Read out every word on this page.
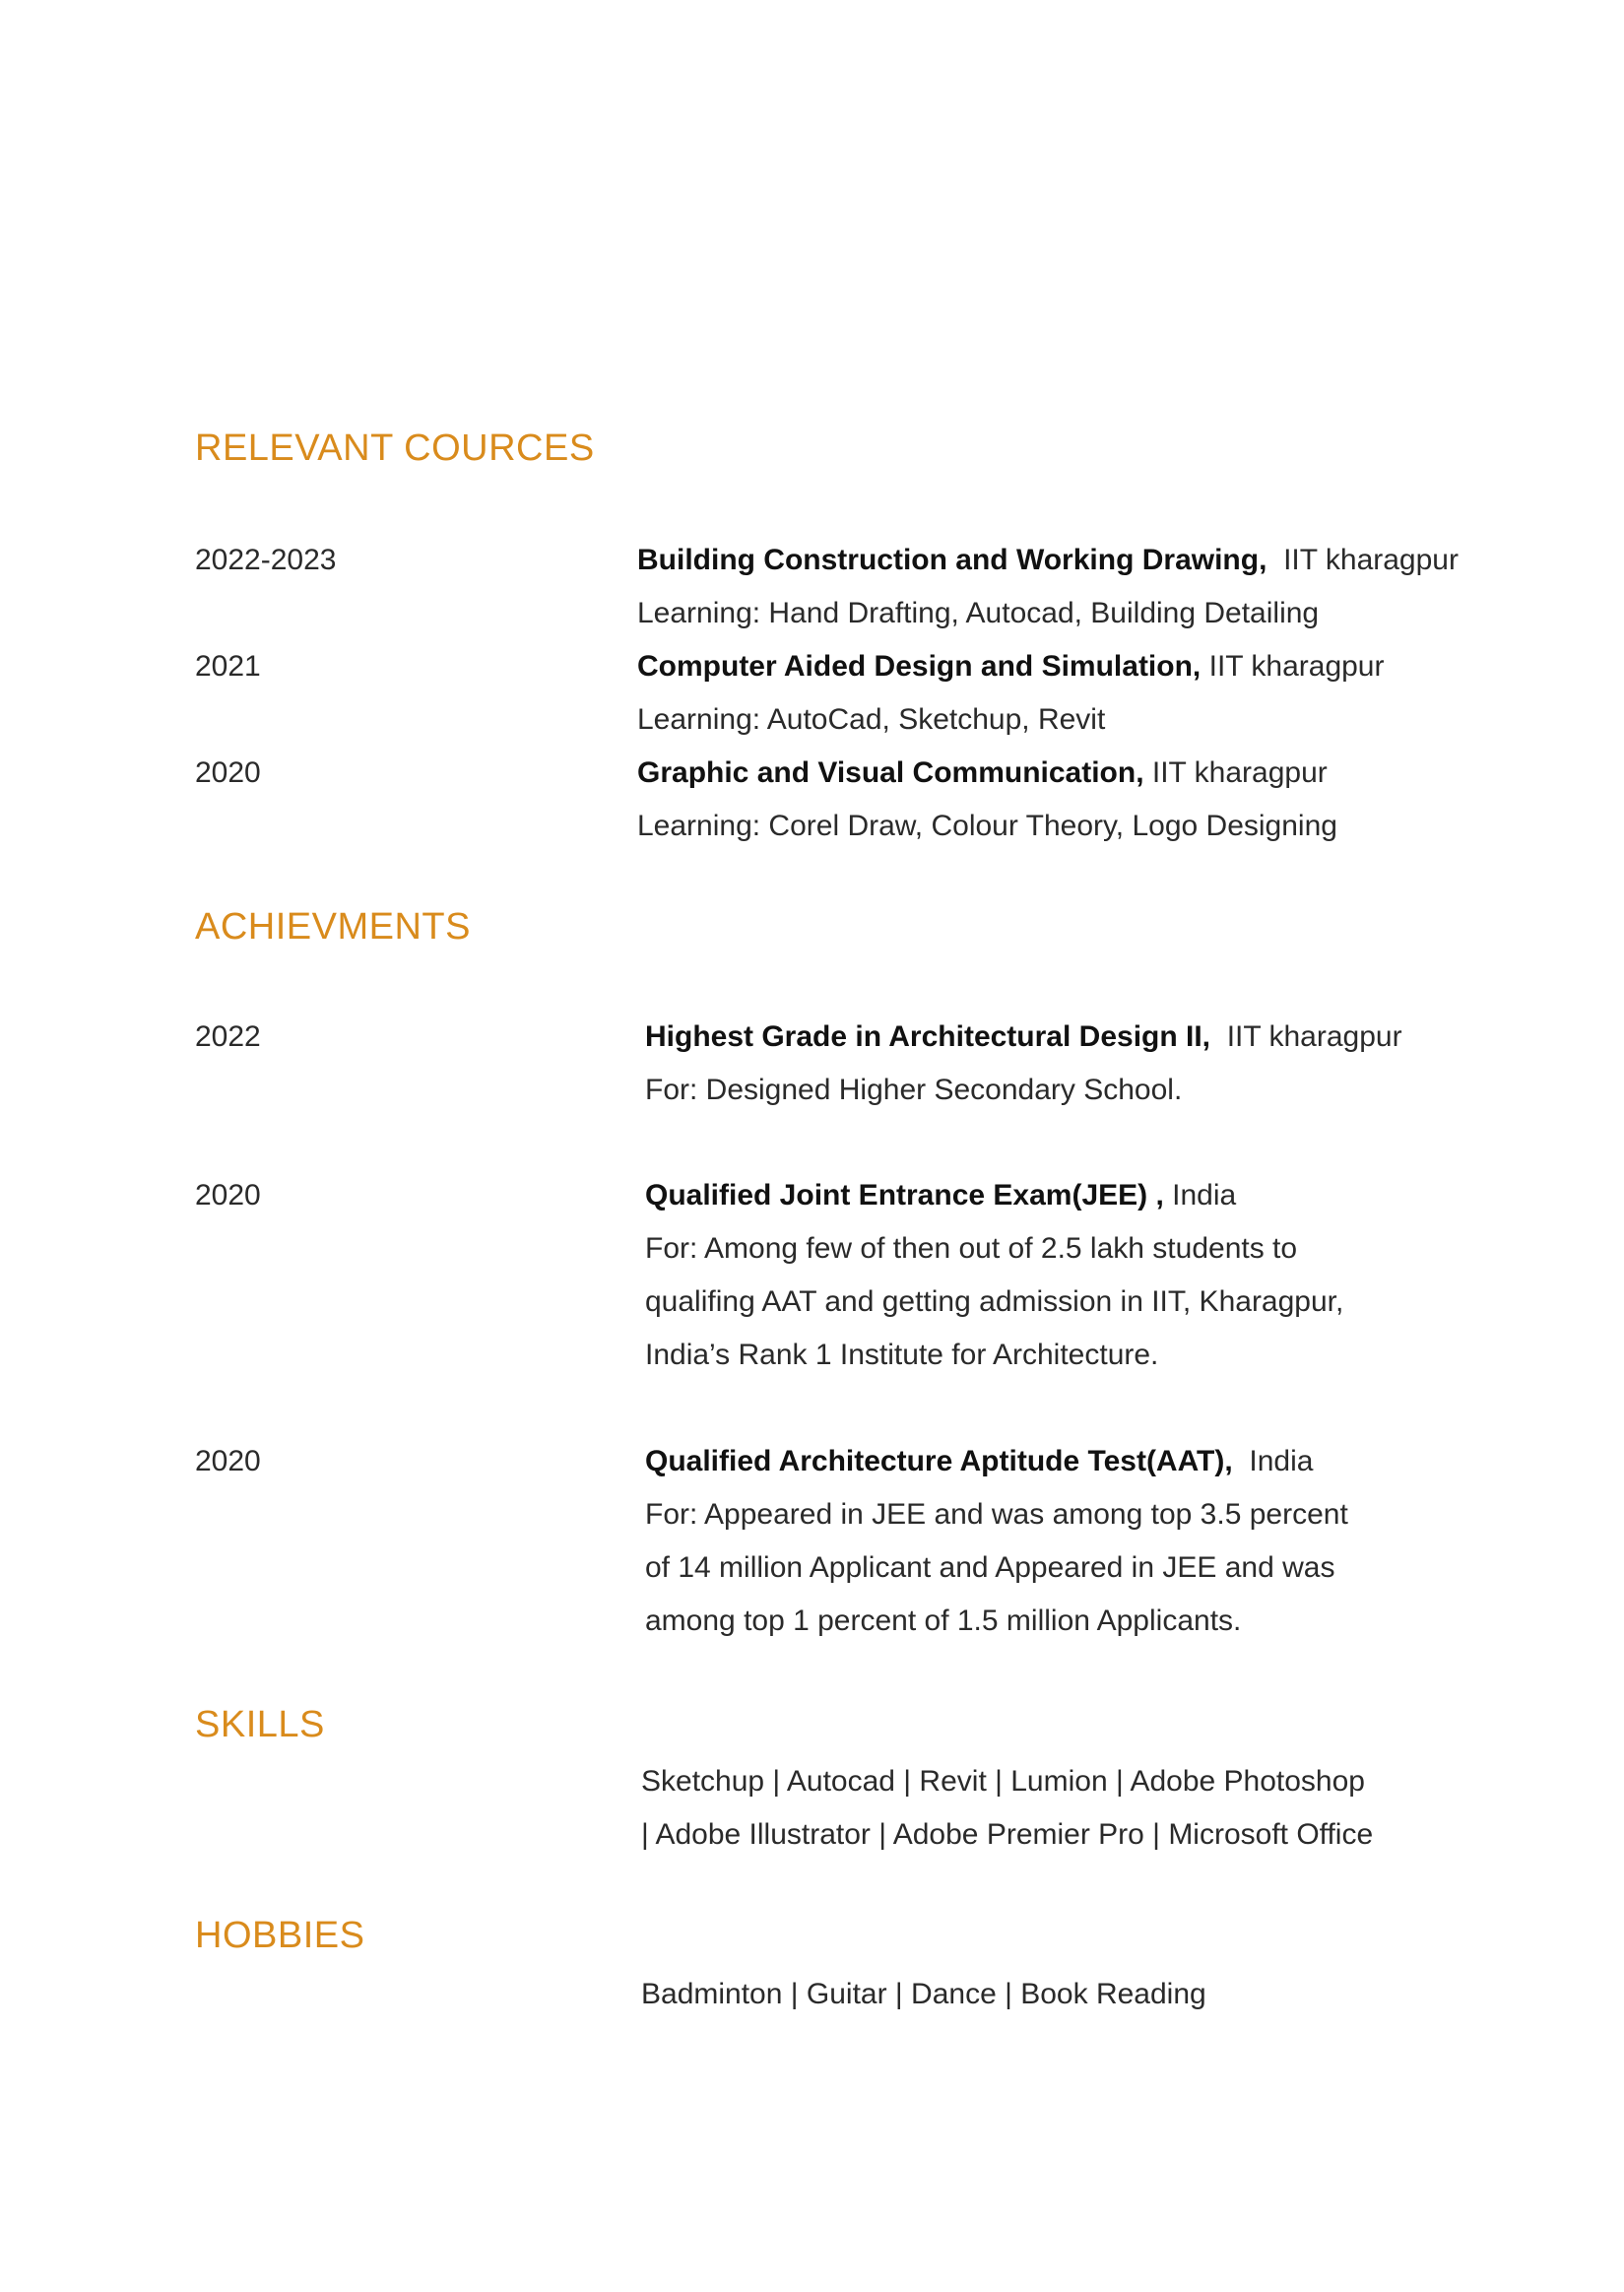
RELEVANT COURCES
2022-2023	Building Construction and Working Drawing, IIT kharagpur
Learning: Hand Drafting, Autocad, Building Detailing
2021	Computer Aided Design and Simulation, IIT kharagpur
Learning: AutoCad, Sketchup, Revit
2020	Graphic and Visual Communication, IIT kharagpur
Learning: Corel Draw, Colour Theory, Logo Designing
ACHIEVMENTS
2022	Highest Grade in Architectural Design II, IIT kharagpur
For: Designed Higher Secondary School.
2020	Qualified Joint Entrance Exam(JEE) , India
For: Among few of then out of 2.5 lakh students to
qualifing AAT and getting admission in IIT, Kharagpur,
India’s Rank 1 Institute for Architecture.
2020	Qualified Architecture Aptitude Test(AAT), India
For: Appeared in JEE and was among top 3.5 percent
of 14 million Applicant and Appeared in JEE and was
among top 1 percent of 1.5 million Applicants.
SKILLS
Sketchup | Autocad | Revit | Lumion | Adobe Photoshop
| Adobe Illustrator | Adobe Premier Pro | Microsoft Office
HOBBIES
Badminton | Guitar | Dance | Book Reading
